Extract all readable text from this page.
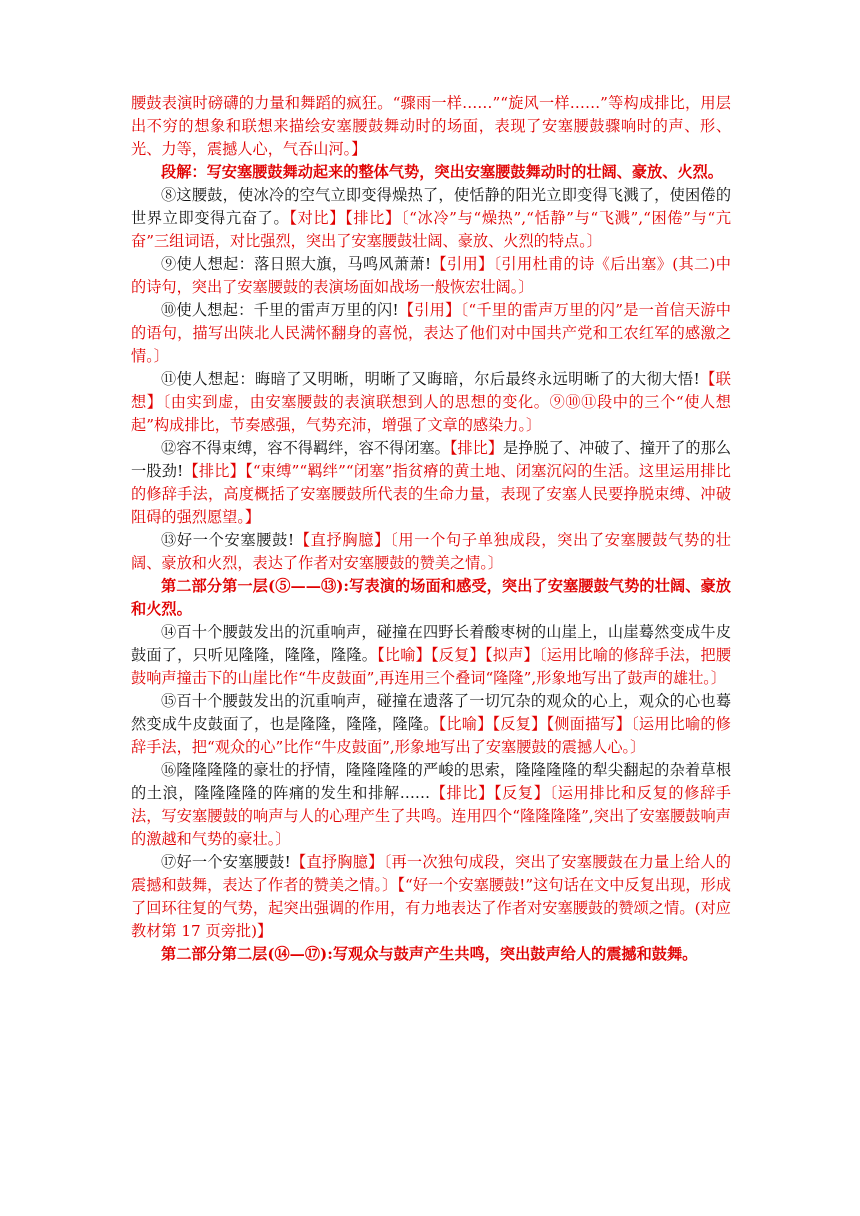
腰鼓表演时磅礴的力量和舞蹈的疯狂。“骤雨一样……”“旋风一样……”等构成排比，用层出不穷的想象和联想来描绘安塞腰鼓舞动时的场面，表现了安塞腰鼓骤响时的声、形、光、力等，震撼人心，气吞山河。】

段解：写安塞腰鼓舞动起来的整体气势，突出安塞腰鼓舞动时的壮阔、豪放、火烈。

⑧这腰鼓，使冰冷的空气立即变得燥热了，使恬静的阳光立即变得飞溅了，使困倦的世界立即变得亢奋了。【对比】【排比】〔“冰冷”与“燥热”,“恬静”与“飞溅”,“困倦”与“亢奋”三组词语，对比强烈，突出了安塞腰鼓壮阔、豪放、火烈的特点。〕

⑨使人想起：落日照大旗，马鸣风萧萧!【引用】〔引用杜甫的诗《后出塞》(其二)中的诗句，突出了安塞腰鼓的表演场面如战场一般恢宏壮阔。〕

⑩使人想起：千里的雷声万里的闪!【引用】〔“千里的雷声万里的闪”是一首信天游中的语句，描写出陕北人民满怀翻身的喜悦，表达了他们对中国共产党和工农红军的感激之情。〕

⑪使人想起：晦暗了又明晰，明晰了又晦暗，尔后最终永远明晰了的大彻大悟!【联想】〔由实到虚，由安塞腰鼓的表演联想到人的思想的变化。⑨⑩⑪段中的三个“使人想起”构成排比，节奏感强，气势充沛，增强了文章的感染力。〕

⑫容不得束缚，容不得羁绊，容不得闭塞。【排比】是挣脱了、冲破了、撞开了的那么一股劲!【排比】【“束缚”“羁绊”“闭塞”指贫瘠的黄土地、闭塞沉闷的生活。这里运用排比的修辞手法，高度概括了安塞腰鼓所代表的生命力量，表现了安塞人民要挣脱束缚、冲破阻碍的强烈愿望。】

⑬好一个安塞腰鼓!【直抒胸臆】〔用一个句子单独成段，突出了安塞腰鼓气势的壮阔、豪放和火烈，表达了作者对安塞腰鼓的赞美之情。〕

第二部分第一层(⑤——⑬):写表演的场面和感受，突出了安塞腰鼓气势的壮阔、豪放和火烈。

⑭百十个腰鼓发出的沉重响声，碰撞在四野长着酸枣树的山崖上，山崖蓦然变成牛皮鼓面了，只听见隆隆，隆隆，隆隆。【比喻】【反复】【拟声】〔运用比喻的修辞手法，把腰鼓响声撞击下的山崖比作“牛皮鼓面”,再连用三个叠词“隆隆”,形象地写出了鼓声的雄壮。〕

⑮百十个腰鼓发出的沉重响声，碰撞在遗落了一切冗杂的观众的心上，观众的心也蓦然变成牛皮鼓面了，也是隆隆，隆隆，隆隆。【比喻】【反复】【侧面描写】〔运用比喻的修辞手法，把“观众的心”比作“牛皮鼓面”,形象地写出了安塞腰鼓的震撼人心。〕

⑯隆隆隆隆的豪壮的抒情，隆隆隆隆的严峻的思索，隆隆隆隆的犁尖翻起的杂着草根的土浪，隆隆隆隆的阵痛的发生和排解……【排比】【反复】〔运用排比和反复的修辞手法，写安塞腰鼓的响声与人的心理产生了共鸣。连用四个“隆隆隆隆”,突出了安塞腰鼓响声的激越和气势的豪壮。〕

⑰好一个安塞腰鼓!【直抒胸臆】〔再一次独句成段，突出了安塞腰鼓在力量上给人的震撼和鼓舞，表达了作者的赞美之情。〕【“好一个安塞腰鼓!”这句话在文中反复出现，形成了回环往复的气势，起突出强调的作用，有力地表达了作者对安塞腰鼓的赞颂之情。(对应教材第 17 页旁批)】

第二部分第二层(⑭—⑰):写观众与鼓声产生共鸣，突出鼓声给人的震撼和鼓舞。
